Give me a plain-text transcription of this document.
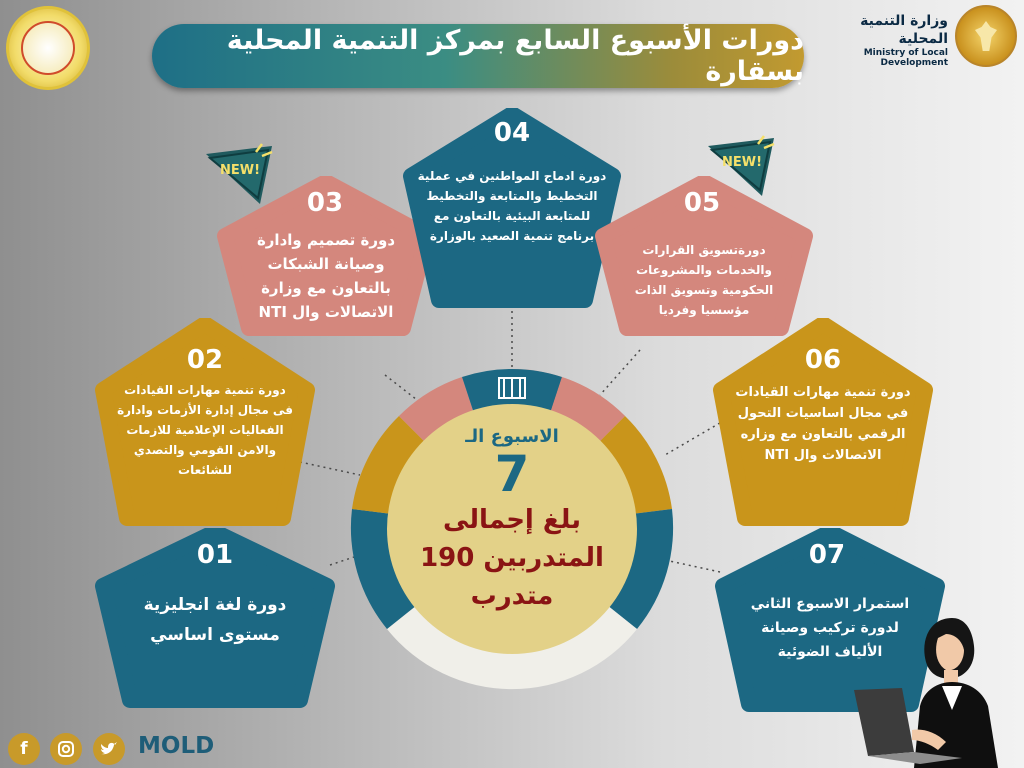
دورات الأسبوع السابع بمركز التنمية المحلية بسقارة
وزارة التنمية المحلية
Ministry of Local Development
الاسبوع الـ
7
بلغ إجمالى
المتدربين 190
متدرب
01
دورة لغة انجليزية مستوى اساسي
02
دورة تنمية مهارات القيادات فى مجال إدارة الأزمات وادارة الفعاليات الإعلامية للازمات والامن القومي والتصدي للشائعات
03
دورة تصميم وادارة وصيانة الشبكات بالتعاون مع وزارة الاتصالات وال NTI
04
دورة ادماج المواطنين في عملية التخطيط والمتابعة والتخطيط للمتابعة البيئية بالتعاون مع برنامج تنمية الصعيد بالوزارة
05
دورةتسويق القرارات والخدمات والمشروعات الحكومية وتسويق الذات مؤسسيا وفرديا
06
دورة تنمية مهارات القيادات في مجال اساسيات التحول الرقمي بالتعاون مع وزاره الاتصالات وال NTI
07
استمرار الاسبوع الثاني لدورة تركيب وصيانة الألياف الضوئية
NEW!
NEW!
f	MOLD
